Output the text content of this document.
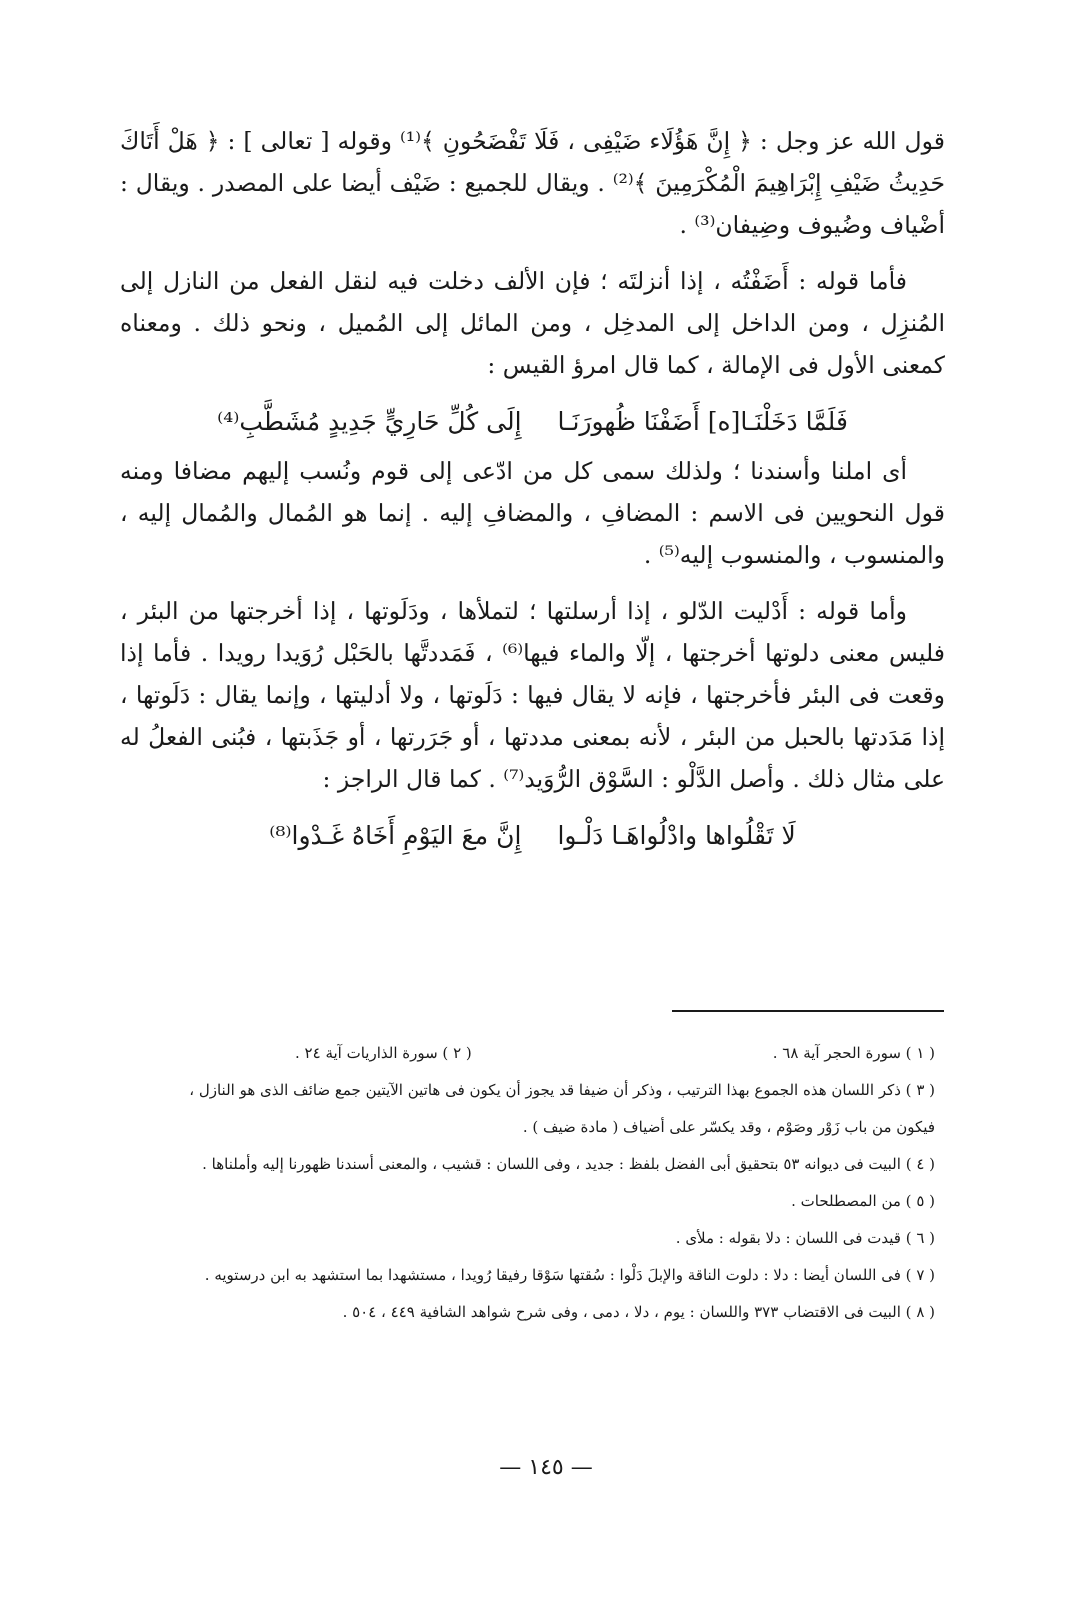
قول الله عز وجل : ﴿ إِنَّ هَؤُلَاء ضَيْفِى ، فَلَا تَفْضَحُونِ ﴾⁽¹⁾ وقوله [ تعالى ] : ﴿ هَلْ أَتَاكَ حَدِيثُ ضَيْفِ إِبْرَاهِيمَ الْمُكْرَمِينَ ﴾⁽²⁾ . ويقال للجميع : ضَيْف أيضا على المصدر . ويقال : أضْياف وضُيوف وضِيفان⁽³⁾ .

فأما قوله : أَضَفْتُه ، إذا أنزلتَه ؛ فإن الألف دخلت فيه لنقل الفعل من النازل إلى المُنزِل ، ومن الداخل إلى المدخِل ، ومن المائل إلى المُميل ، ونحو ذلك . ومعناه كمعنى الأول فى الإمالة ، كما قال امرؤ القيس :

فَلَمَّا دَخَلْنَـا[ه] أَضَفْنَا ظُهورَنَـاإِلَى كُلِّ حَارِيٍّ جَدِيدٍ مُشَطَّبِ⁽⁴⁾

أى املنا وأسندنا ؛ ولذلك سمى كل من ادّعى إلى قوم ونُسب إليهم مضافا ومنه قول النحويين فى الاسم : المضافِ ، والمضافِ إليه . إنما هو المُمال والمُمال إليه ، والمنسوب ، والمنسوب إليه⁽⁵⁾ .

وأما قوله : أَدْليت الدّلو ، إذا أرسلتها ؛ لتملأها ، ودَلَوتها ، إذا أخرجتها من البئر ، فليس معنى دلوتها أخرجتها ، إلّا والماء فيها⁽⁶⁾ ، فَمَددتَّها بالحَبْل رُوَيدا رويدا . فأما إذا وقعت فى البئر فأخرجتها ، فإنه لا يقال فيها : دَلَوتها ، ولا أدليتها ، وإنما يقال : دَلَوتها ، إذا مَدَدتها بالحبل من البئر ، لأنه بمعنى مددتها ، أو جَرَرتها ، أو جَذَبتها ، فبُنى الفعلُ له على مثال ذلك . وأصل الدَّلْو : السَّوْق الرُّوَيد⁽⁷⁾ . كما قال الراجز :

لَا تَقْلُواها وادْلُواهَـا دَلْـواإِنَّ معَ اليَوْمِ أَخَاهُ غَـدْوا⁽⁸⁾
( ١ ) سورة الحجر آية ٦٨ .
( ٢ ) سورة الذاريات آية ٢٤ .
( ٣ ) ذكر اللسان هذه الجموع بهذا الترتيب ، وذكر أن ضيفا قد يجوز أن يكون فى هاتين الآيتين جمع ضائف الذى هو النازل ،
فيكون من باب زَوْر وصَوْم ، وقد يكسّر على أضياف ( مادة ضيف ) .
( ٤ ) البيت فى ديوانه ٥٣ بتحقيق أبى الفضل بلفظ : جديد ، وفى اللسان : قشيب ، والمعنى أسندنا ظهورنا إليه وأملناها .
( ٥ ) من المصطلحات .
( ٦ ) قيدت فى اللسان : دلا بقوله : ملأى .
( ٧ ) فى اللسان أيضا : دلا : دلوت الناقة والإبلَ دَلْوا : سُقتها سَوْقا رفيقا رُويدا ، مستشهدا بما استشهد به ابن درستويه .
( ٨ ) البيت فى الاقتضاب ٣٧٣ واللسان : يوم ، دلا ، دمى ، وفى شرح شواهد الشافية ٤٤٩ ، ٥٠٤ .
— ١٤٥ —
